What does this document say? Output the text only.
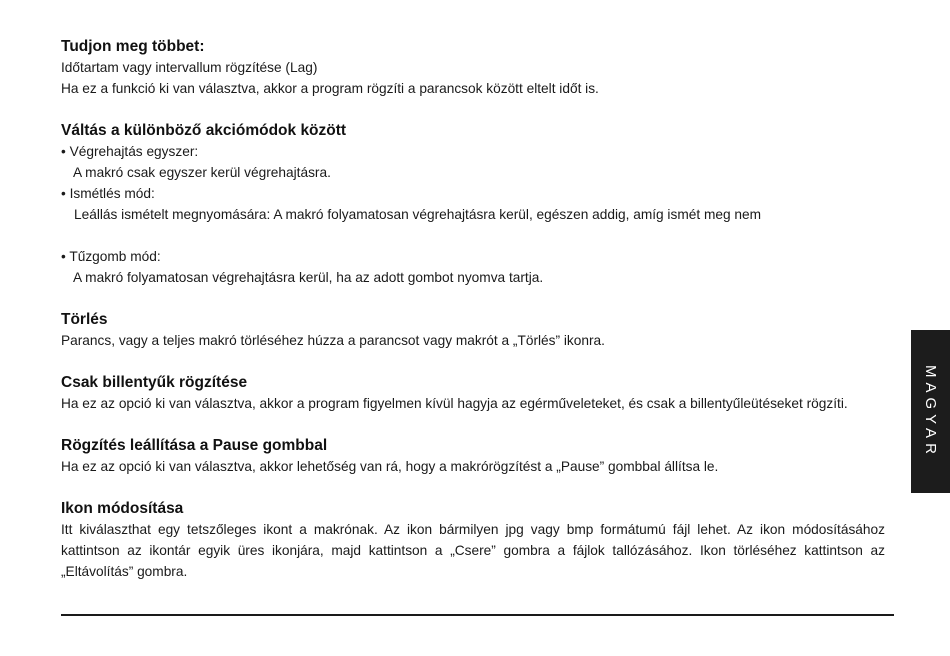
Tudjon meg többet:

Időtartam vagy intervallum rögzítése (Lag)

Ha ez a funkció ki van választva, akkor a program rögzíti a parancsok között eltelt időt is.

Váltás a különböző akciómódok között

• Végrehajtás egyszer:

A makró csak egyszer kerül végrehajtásra.

• Ismétlés mód:

Leállás ismételt megnyomására: A makró folyamatosan végrehajtásra kerül, egészen addig, amíg ismét meg nem

• Tűzgomb mód:

A makró folyamatosan végrehajtásra kerül, ha az adott gombot nyomva tartja.

Törlés

Parancs, vagy a teljes makró törléséhez húzza a parancsot vagy makrót a „Törlés” ikonra.

Csak billentyűk rögzítése

Ha ez az opció ki van választva, akkor a program figyelmen kívül hagyja az egérműveleteket, és csak a billentyűleütéseket rögzíti.

Rögzítés leállítása a Pause gombbal

Ha ez az opció ki van választva, akkor lehetőség van rá, hogy a makrórögzítést a „Pause” gombbal állítsa le.

Ikon módosítása

Itt kiválaszthat egy tetszőleges ikont a makrónak. Az ikon bármilyen jpg vagy bmp formátumú fájl lehet. Az ikon módosításához kattintson az ikontár egyik üres ikonjára, majd kattintson a „Csere” gombra a fájlok tallózásához. Ikon törléséhez kattintson az „Eltávolítás” gombra.

MAGYAR
